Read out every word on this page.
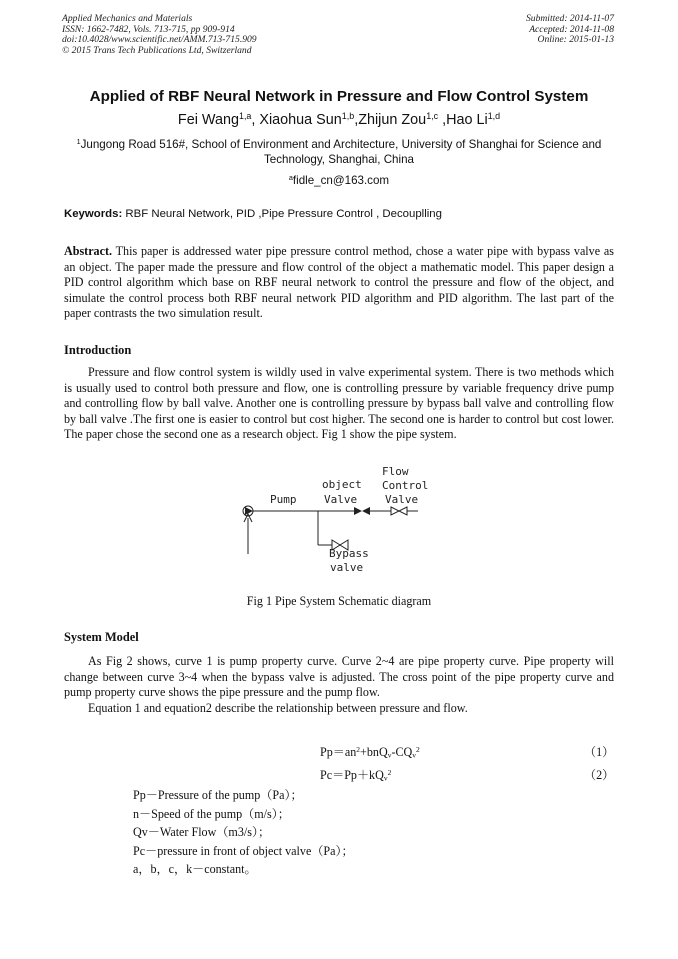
Applied Mechanics and Materials
ISSN: 1662-7482, Vols. 713-715, pp 909-914
doi:10.4028/www.scientific.net/AMM.713-715.909
© 2015 Trans Tech Publications Ltd, Switzerland
Submitted: 2014-11-07
Accepted: 2014-11-08
Online: 2015-01-13
Applied of RBF Neural Network in Pressure and Flow Control System
Fei Wang$^{1,a}$, Xiaohua Sun$^{1,b}$,Zhijun Zou$^{1,c}$ ,Hao Li$^{1,d}$
$^1$Jungong Road 516#, School of Environment and Architecture, University of Shanghai for Science and Technology, Shanghai, China
$^a$fidle_cn@163.com
Keywords: RBF Neural Network, PID ,Pipe Pressure Control , Decouplling
Abstract. This paper is addressed water pipe pressure control method, chose a water pipe with bypass valve as an object. The paper made the pressure and flow control of the object a mathematic model. This paper design a PID control algorithm which base on RBF neural network to control the pressure and flow of the object, and simulate the control process both RBF neural network PID algorithm and PID algorithm. The last part of the paper contrasts the two simulation result.
Introduction
Pressure and flow control system is wildly used in valve experimental system. There is two methods which is usually used to control both pressure and flow, one is controlling pressure by variable frequency drive pump and controlling flow by ball valve. Another one is controlling pressure by bypass ball valve and controlling flow by ball valve .The first one is easier to control but cost higher. The second one is harder to control but cost lower. The paper chose the second one as a research object. Fig 1 show the pipe system.
Pump
object
Valve
Flow
Control
Valve
Bypass
valve
Fig 1 Pipe System Schematic diagram
System Model
As Fig 2 shows, curve 1 is pump property curve. Curve 2~4 are pipe property curve. Pipe property will change between curve 3~4 when the bypass valve is adjusted. The cross point of the pipe property curve and pump property curve shows the pipe pressure and the pump flow.
Equation 1 and equation2 describe the relationship between pressure and flow.
$Pp=an^2+bnQ_v-CQ_v^2$	（1）
$Pc=Pp+kQ_v^2$	（2）
Pp－Pressure of the pump（Pa）；
n－Speed of the pump（m/s）；
Qv－Water Flow（m3/s）；
Pc－pressure in front of object valve（Pa）；
a，b，c，k－constant。
